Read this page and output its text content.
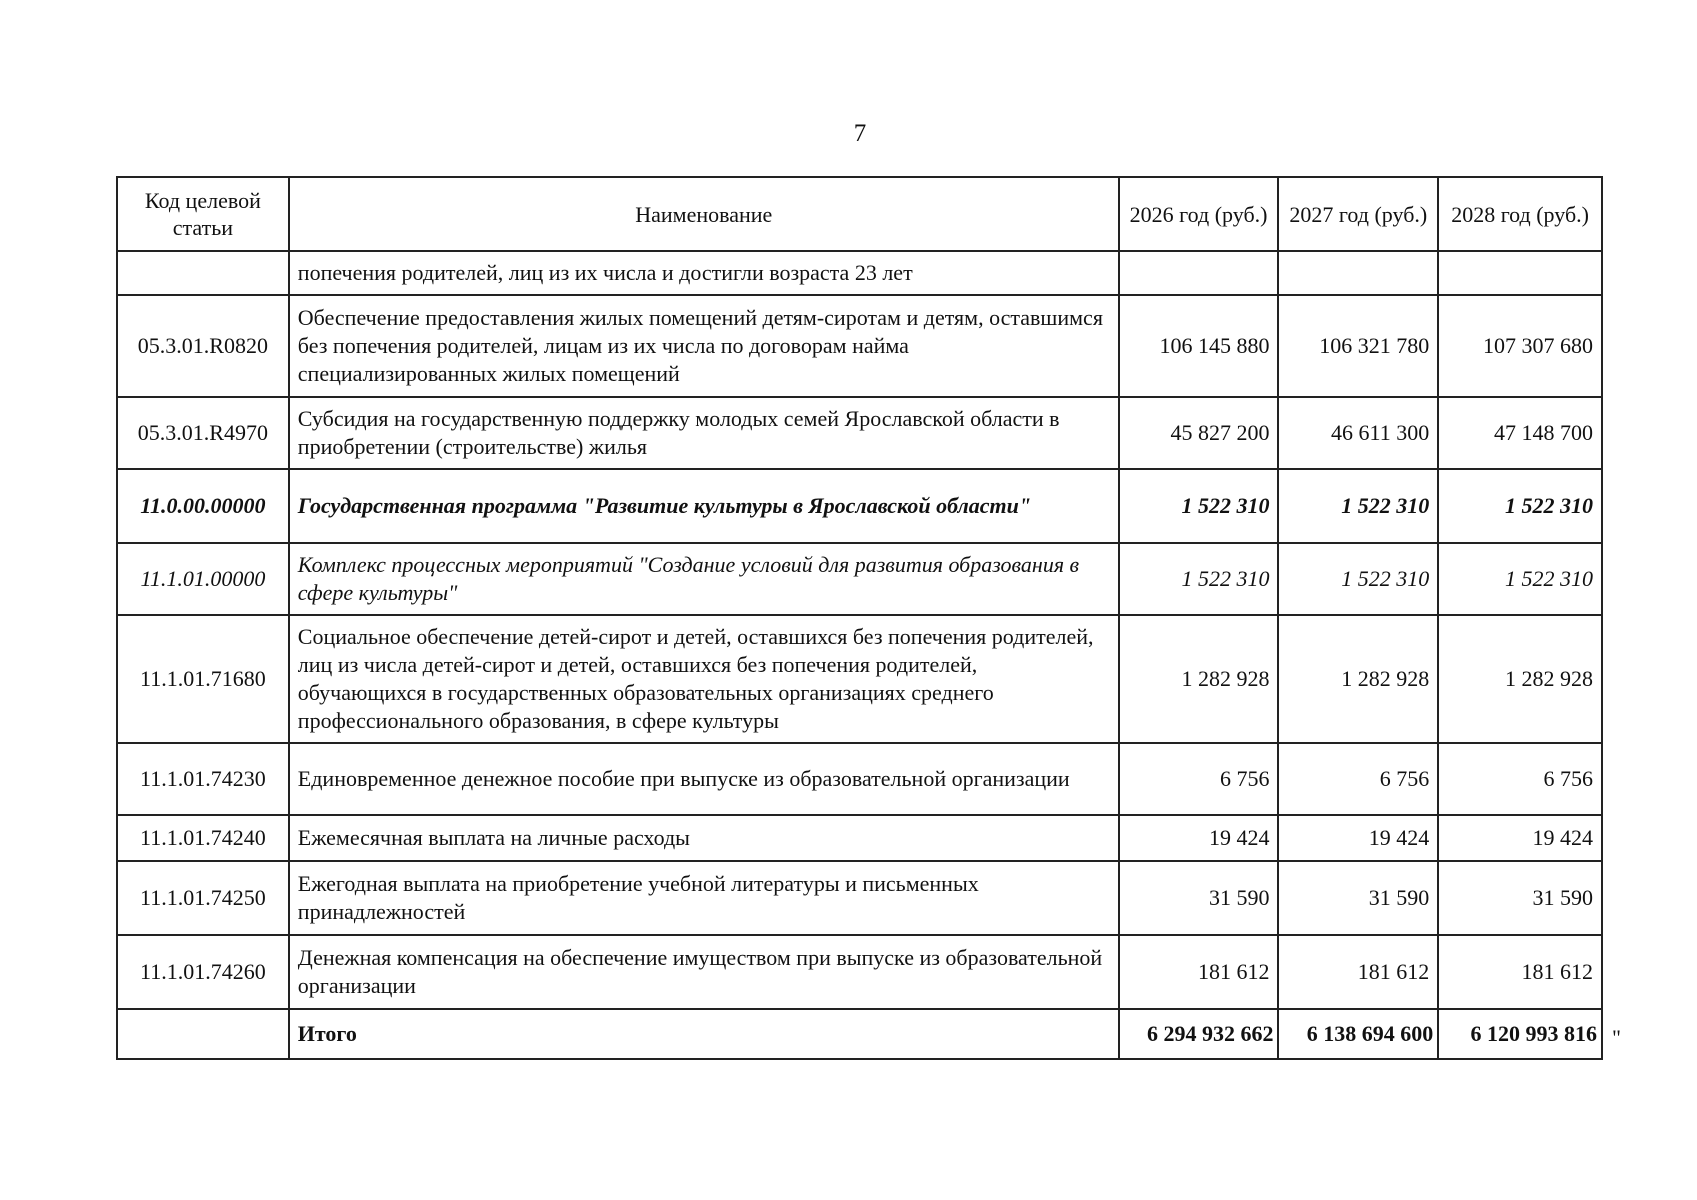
7
Код целевой статьи	Наименование	2026 год (руб.)	2027 год (руб.)	2028 год (руб.)
	попечения родителей, лиц из их числа и достигли возраста 23 лет			
05.3.01.R0820	Обеспечение предоставления жилых помещений детям-сиротам и детям, оставшимся без попечения родителей, лицам из их числа по договорам найма специализированных жилых помещений	106 145 880	106 321 780	107 307 680
05.3.01.R4970	Субсидия на государственную поддержку молодых семей Ярославской области в приобретении (строительстве) жилья	45 827 200	46 611 300	47 148 700
11.0.00.00000	Государственная программа "Развитие культуры в Ярославской области"	1 522 310	1 522 310	1 522 310
11.1.01.00000	Комплекс процессных мероприятий "Создание условий для развития образования в сфере культуры"	1 522 310	1 522 310	1 522 310
11.1.01.71680	Социальное обеспечение детей-сирот и детей, оставшихся без попечения родителей, лиц из числа детей-сирот и детей, оставшихся без попечения родителей, обучающихся в государственных образовательных организациях среднего профессионального образования, в сфере культуры	1 282 928	1 282 928	1 282 928
11.1.01.74230	Единовременное денежное пособие при выпуске из образовательной организации	6 756	6 756	6 756
11.1.01.74240	Ежемесячная выплата на личные расходы	19 424	19 424	19 424
11.1.01.74250	Ежегодная выплата на приобретение учебной литературы и письменных принадлежностей	31 590	31 590	31 590
11.1.01.74260	Денежная компенсация на обеспечение имуществом при выпуске из образовательной организации	181 612	181 612	181 612
	Итого	6 294 932 662	6 138 694 600	6 120 993 816 "
